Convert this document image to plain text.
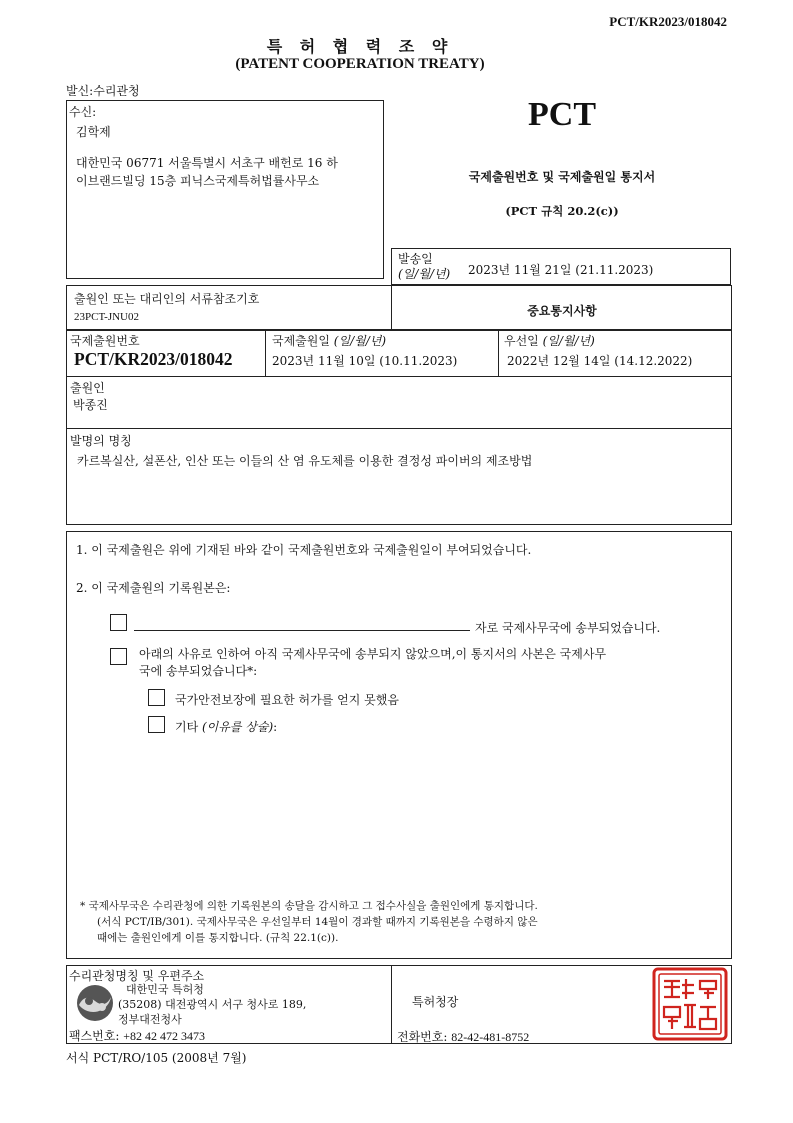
PCT/KR2023/018042
특 허 협 력 조 약
(PATENT COOPERATION TREATY)
발신:수리관청
수신:
김학제
대한민국 06771 서울특별시 서초구 배헌로 16 하
이브랜드빌딩 15층 피닉스국제특허법률사무소
PCT
국제출원번호 및 국제출원일 통지서
(PCT 규칙 20.2(c))
발송일
(일/월/년) 2023년 11월 21일 (21.11.2023)
출원인 또는 대리인의 서류참조기호
23PCT-JNU02	중요통지사항
국제출원번호
PCT/KR2023/018042
국제출원일 (일/월/년)
2023년 11월 10일 (10.11.2023)
우선일 (일/월/년)
2022년 12월 14일 (14.12.2022)
출원인
박종진
발명의 명칭
카르복실산, 설폰산, 인산 또는 이들의 산 염 유도체를 이용한 결정성 파이버의 제조방법
1. 이 국제출원은 위에 기재된 바와 같이 국제출원번호와 국제출원일이 부여되었습니다.
2. 이 국제출원의 기록원본은:
자로 국제사무국에 송부되었습니다.
아래의 사유로 인하여 아직 국제사무국에 송부되지 않았으며,이 통지서의 사본은 국제사무
국에 송부되었습니다*:
국가안전보장에 필요한 허가를 얻지 못했음
기타 (이유를 상술):
* 국제사무국은 수리관청에 의한 기록원본의 송달을 감시하고 그 접수사실을 출원인에게 통지합니다.
(서식 PCT/IB/301). 국제사무국은 우선일부터 14월이 경과할 때까지 기록원본을 수령하지 않은
때에는 출원인에게 이를 통지합니다. (규칙 22.1(c)).
수리관청명칭 및 우편주소
대한민국 특허청
(35208) 대전광역시 서구 청사로 189,
정부대전청사
팩스번호: +82 42 472 3473
특허청장
전화번호: 82-42-481-8752
서식 PCT/RO/105 (2008년 7월)
